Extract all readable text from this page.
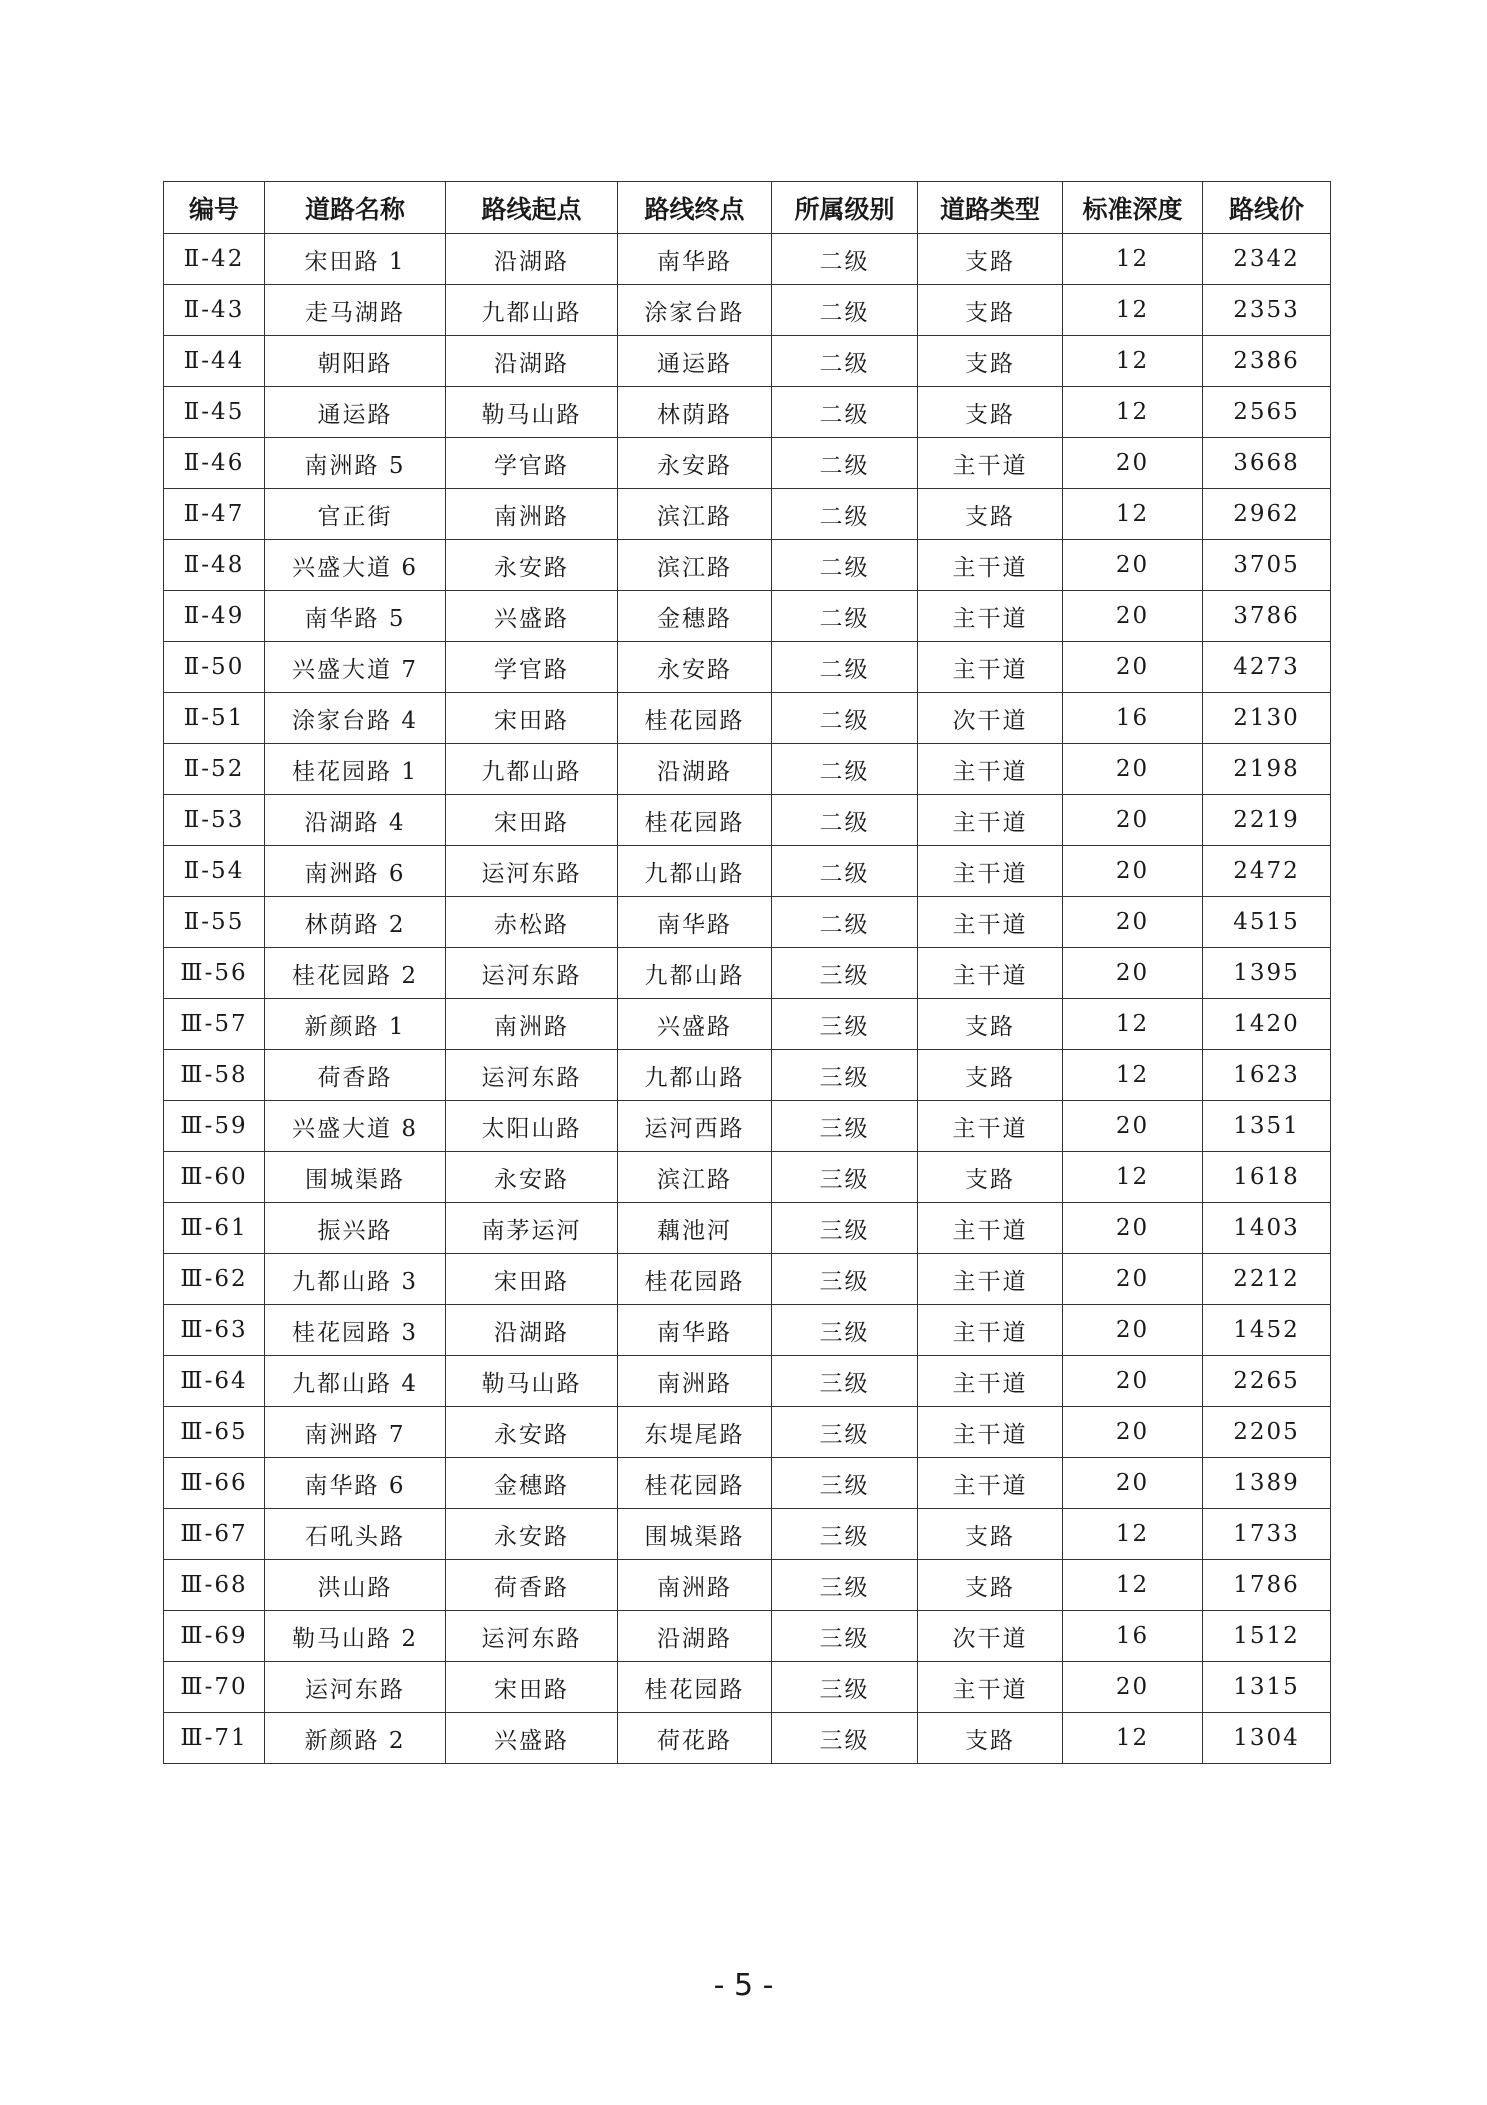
编号	道路名称	路线起点	路线终点	所属级别	道路类型	标准深度	路线价
Ⅱ-42	宋田路 1	沿湖路	南华路	二级	支路	12	2342
Ⅱ-43	走马湖路	九都山路	涂家台路	二级	支路	12	2353
Ⅱ-44	朝阳路	沿湖路	通运路	二级	支路	12	2386
Ⅱ-45	通运路	勒马山路	林荫路	二级	支路	12	2565
Ⅱ-46	南洲路 5	学官路	永安路	二级	主干道	20	3668
Ⅱ-47	官正街	南洲路	滨江路	二级	支路	12	2962
Ⅱ-48	兴盛大道 6	永安路	滨江路	二级	主干道	20	3705
Ⅱ-49	南华路 5	兴盛路	金穗路	二级	主干道	20	3786
Ⅱ-50	兴盛大道 7	学官路	永安路	二级	主干道	20	4273
Ⅱ-51	涂家台路 4	宋田路	桂花园路	二级	次干道	16	2130
Ⅱ-52	桂花园路 1	九都山路	沿湖路	二级	主干道	20	2198
Ⅱ-53	沿湖路 4	宋田路	桂花园路	二级	主干道	20	2219
Ⅱ-54	南洲路 6	运河东路	九都山路	二级	主干道	20	2472
Ⅱ-55	林荫路 2	赤松路	南华路	二级	主干道	20	4515
Ⅲ-56	桂花园路 2	运河东路	九都山路	三级	主干道	20	1395
Ⅲ-57	新颜路 1	南洲路	兴盛路	三级	支路	12	1420
Ⅲ-58	荷香路	运河东路	九都山路	三级	支路	12	1623
Ⅲ-59	兴盛大道 8	太阳山路	运河西路	三级	主干道	20	1351
Ⅲ-60	围城渠路	永安路	滨江路	三级	支路	12	1618
Ⅲ-61	振兴路	南茅运河	藕池河	三级	主干道	20	1403
Ⅲ-62	九都山路 3	宋田路	桂花园路	三级	主干道	20	2212
Ⅲ-63	桂花园路 3	沿湖路	南华路	三级	主干道	20	1452
Ⅲ-64	九都山路 4	勒马山路	南洲路	三级	主干道	20	2265
Ⅲ-65	南洲路 7	永安路	东堤尾路	三级	主干道	20	2205
Ⅲ-66	南华路 6	金穗路	桂花园路	三级	主干道	20	1389
Ⅲ-67	石吼头路	永安路	围城渠路	三级	支路	12	1733
Ⅲ-68	洪山路	荷香路	南洲路	三级	支路	12	1786
Ⅲ-69	勒马山路 2	运河东路	沿湖路	三级	次干道	16	1512
Ⅲ-70	运河东路	宋田路	桂花园路	三级	主干道	20	1315
Ⅲ-71	新颜路 2	兴盛路	荷花路	三级	支路	12	1304
- 5 -
